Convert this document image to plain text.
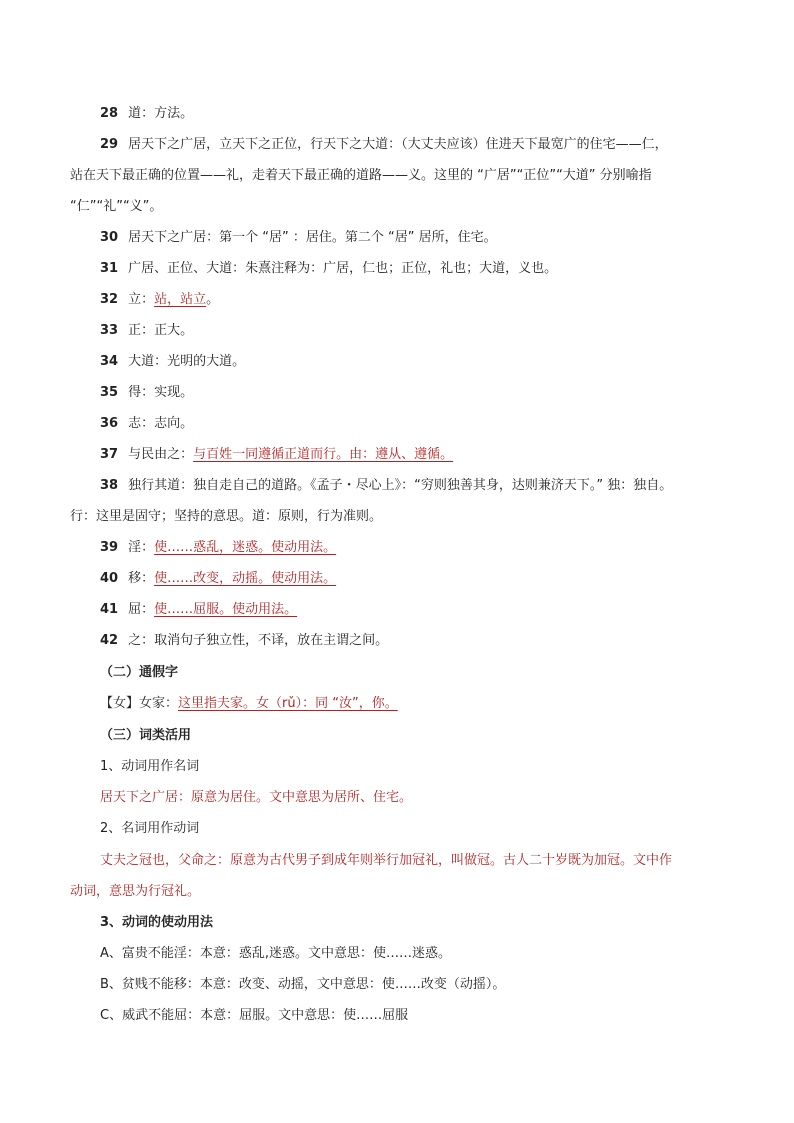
28 道：方法。
29 居天下之广居，立天下之正位，行天下之大道：（大丈夫应该）住进天下最宽广的住宅——仁，
站在天下最正确的位置——礼，走着天下最正确的道路——义。这里的 “广居”“正位”“大道” 分别喻指
“仁”“礼”“义”。
30 居天下之广居：第一个 “居” ：居住。第二个 “居” 居所，住宅。
31 广居、正位、大道：朱熹注释为：广居，仁也；正位，礼也；大道，义也。
32 立：站，站立。
33 正：正大。
34 大道：光明的大道。
35 得：实现。
36 志：志向。
37 与民由之：与百姓一同遵循正道而行。由：遵从、遵循。
38 独行其道：独自走自己的道路。《孟子・尽心上》：“穷则独善其身，达则兼济天下。” 独：独自。
行：这里是固守；坚持的意思。道：原则，行为准则。
39 淫：使……惑乱，迷惑。使动用法。
40 移：使……改变，动摇。使动用法。
41 屈：使……屈服。使动用法。
42 之：取消句子独立性，不译，放在主谓之间。
（二）通假字
【女】女家：这里指夫家。女（rǔ）：同 “汝”，你。
（三）词类活用
1、动词用作名词
居天下之广居：原意为居住。文中意思为居所、住宅。
2、名词用作动词
丈夫之冠也，父命之：原意为古代男子到成年则举行加冠礼，叫做冠。古人二十岁既为加冠。文中作
动词，意思为行冠礼。
3、动词的使动用法
A、富贵不能淫：本意：惑乱,迷惑。文中意思：使……迷惑。
B、贫贱不能移：本意：改变、动摇，文中意思：使……改变（动摇）。
C、威武不能屈：本意：屈服。文中意思：使……屈服
